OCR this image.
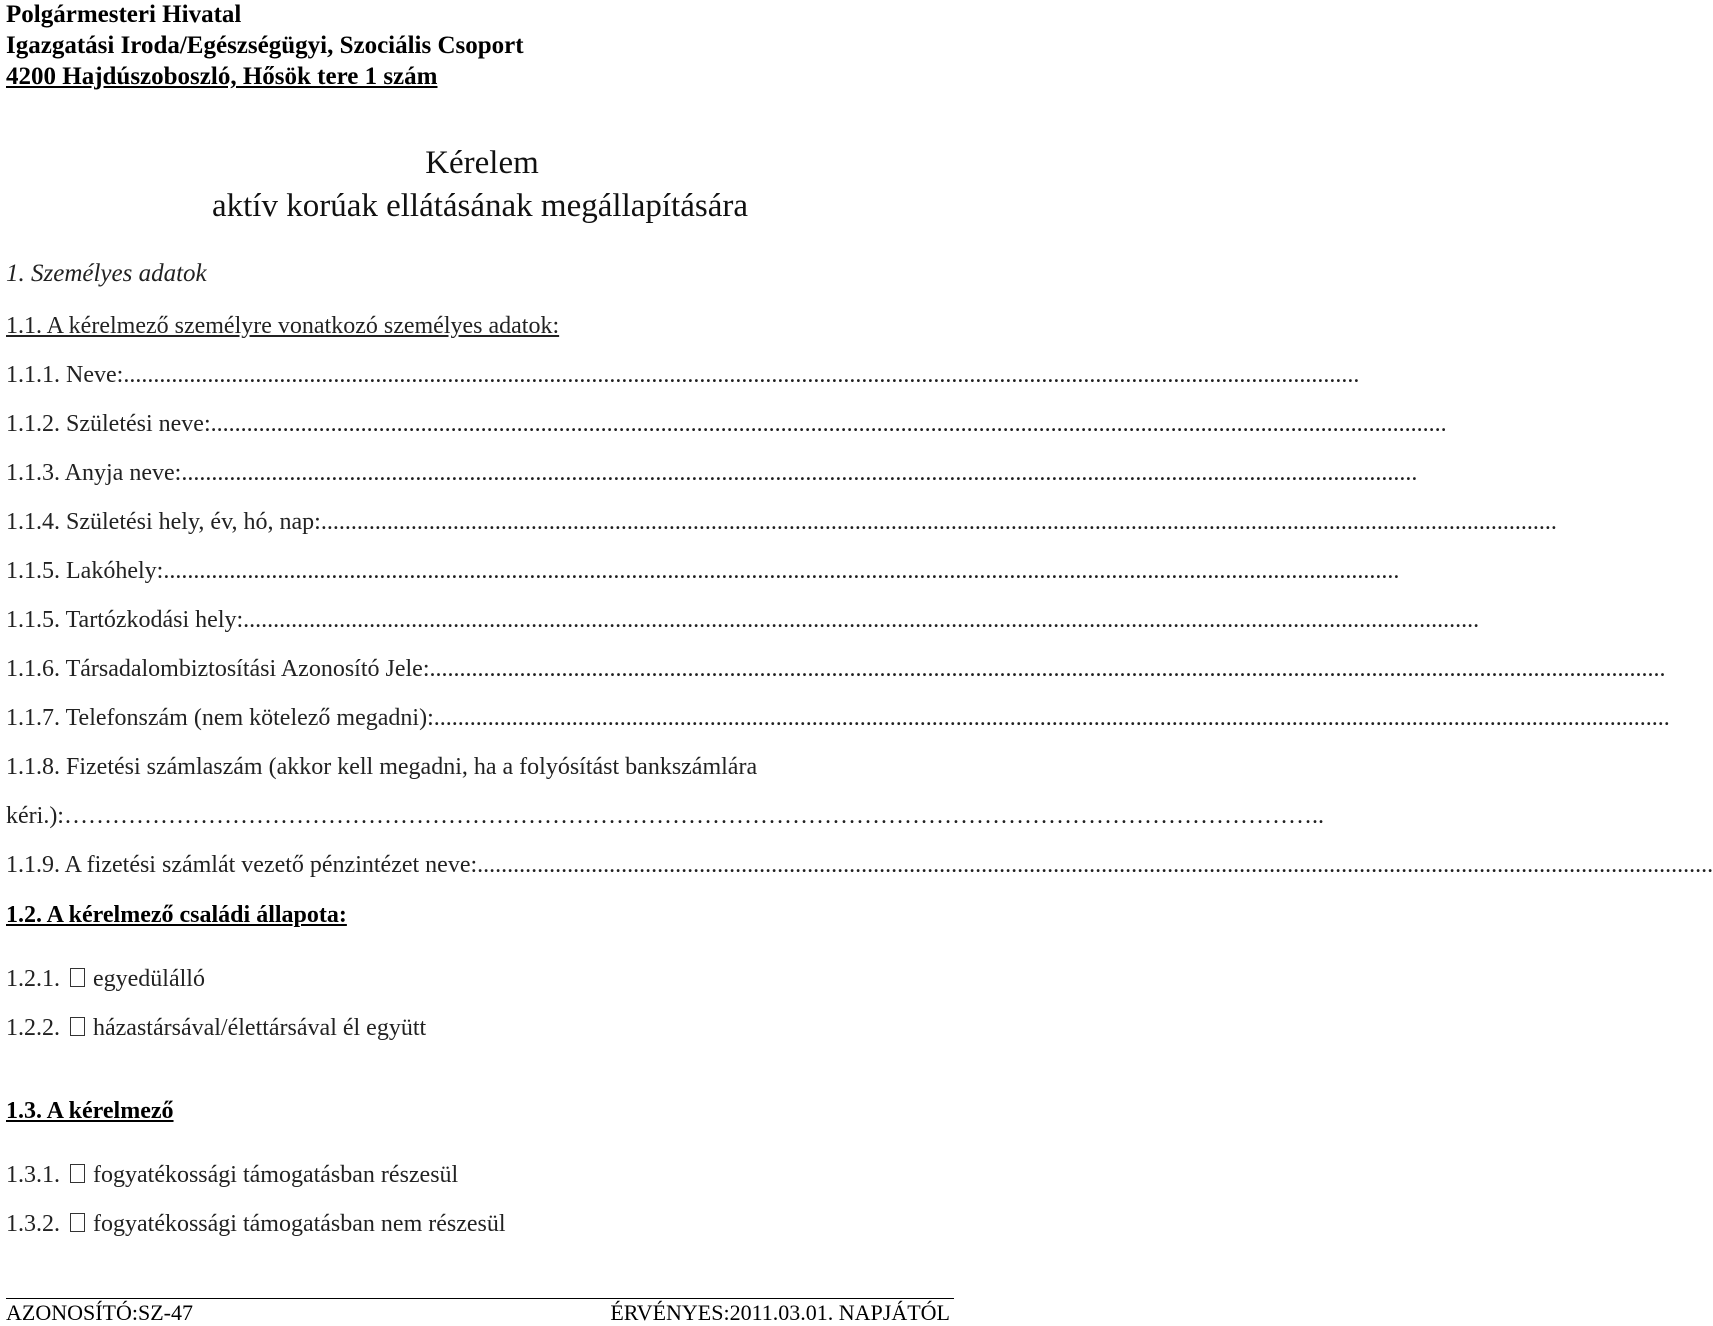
Polgármesteri Hivatal
Igazgatási Iroda/Egészségügyi, Szociális Csoport
4200 Hajdúszoboszló, Hősök tere 1 szám
Kérelem
aktív korúak ellátásának megállapítására
1. Személyes adatok
1.1. A kérelmező személyre vonatkozó személyes adatok:
1.1.1. Neve: ..............................................................................................................................................................................................................
1.1.2. Születési neve: ..............................................................................................................................................................................................................
1.1.3. Anyja neve: ..............................................................................................................................................................................................................
1.1.4. Születési hely, év, hó, nap: ..............................................................................................................................................................................................................
1.1.5. Lakóhely: ..............................................................................................................................................................................................................
1.1.5. Tartózkodási hely: ..............................................................................................................................................................................................................
1.1.6. Társadalombiztosítási Azonosító Jele: ..............................................................................................................................................................................................................
1.1.7. Telefonszám (nem kötelező megadni): ..............................................................................................................................................................................................................
1.1.8. Fizetési számlaszám (akkor kell megadni, ha a folyósítást bankszámlára
kéri.): …………………………………………………………………………………………………………………………………………..
1.1.9. A fizetési számlát vezető pénzintézet neve: ..............................................................................................................................................................................................................
1.2. A kérelmező családi állapota:
1.2.1. egyedülálló
1.2.2. házastársával/élettársával él együtt
1.3. A kérelmező
1.3.1. fogyatékossági támogatásban részesül
1.3.2. fogyatékossági támogatásban nem részesül
AZONOSÍTÓ:SZ-47	ÉRVÉNYES:2011.03.01. NAPJÁTÓL
